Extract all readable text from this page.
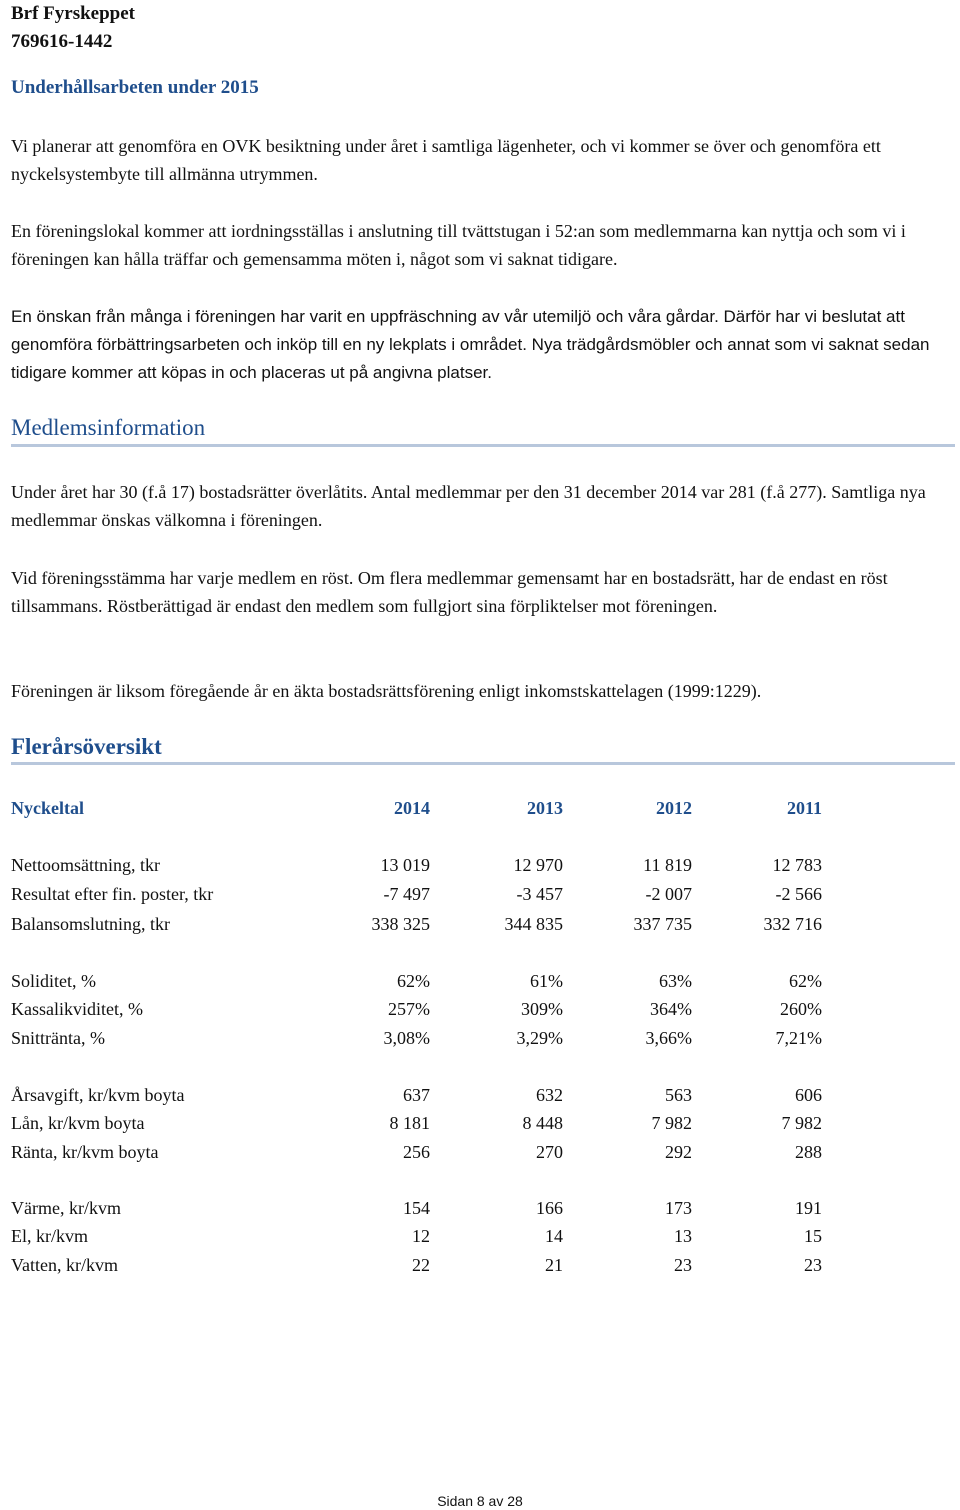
Brf Fyrskeppet
769616-1442
Underhållsarbeten under 2015

Vi planerar att genomföra en OVK besiktning under året i samtliga lägenheter, och vi kommer se över och genomföra ett nyckelsystembyte till allmänna utrymmen.

En föreningslokal kommer att iordningsställas i anslutning till tvättstugan i 52:an som medlemmarna kan nyttja och som vi i föreningen kan hålla träffar och gemensamma möten i, något som vi saknat tidigare.

En önskan från många i föreningen har varit en uppfräschning av vår utemiljö och våra gårdar. Därför har vi beslutat att genomföra förbättringsarbeten och inköp till en ny lekplats i området. Nya trädgårdsmöbler och annat som vi saknat sedan tidigare kommer att köpas in och placeras ut på angivna platser.

Medlemsinformation

Under året har 30 (f.å 17) bostadsrätter överlåtits. Antal medlemmar per den 31 december 2014 var 281 (f.å 277). Samtliga nya medlemmar önskas välkomna i föreningen.

Vid föreningsstämma har varje medlem en röst. Om flera medlemmar gemensamt har en bostadsrätt, har de endast en röst tillsammans. Röstberättigad är endast den medlem som fullgjort sina förpliktelser mot föreningen.

Föreningen är liksom föregående år en äkta bostadsrättsförening enligt inkomstskattelagen (1999:1229).

Flerårsöversikt
Nyckeltal	2014	2013	2012	2011
Nettoomsättning, tkr	13 019	12 970	11 819	12 783
Resultat efter fin. poster, tkr	-7 497	-3 457	-2 007	-2 566
Balansomslutning, tkr	338 325	344 835	337 735	332 716
Soliditet, %	62%	61%	63%	62%
Kassalikviditet, %	257%	309%	364%	260%
Snittränta, %	3,08%	3,29%	3,66%	7,21%
Årsavgift, kr/kvm boyta	637	632	563	606
Lån, kr/kvm boyta	8 181	8 448	7 982	7 982
Ränta, kr/kvm boyta	256	270	292	288
Värme, kr/kvm	154	166	173	191
El, kr/kvm	12	14	13	15
Vatten, kr/kvm	22	21	23	23
Sidan 8 av 28
